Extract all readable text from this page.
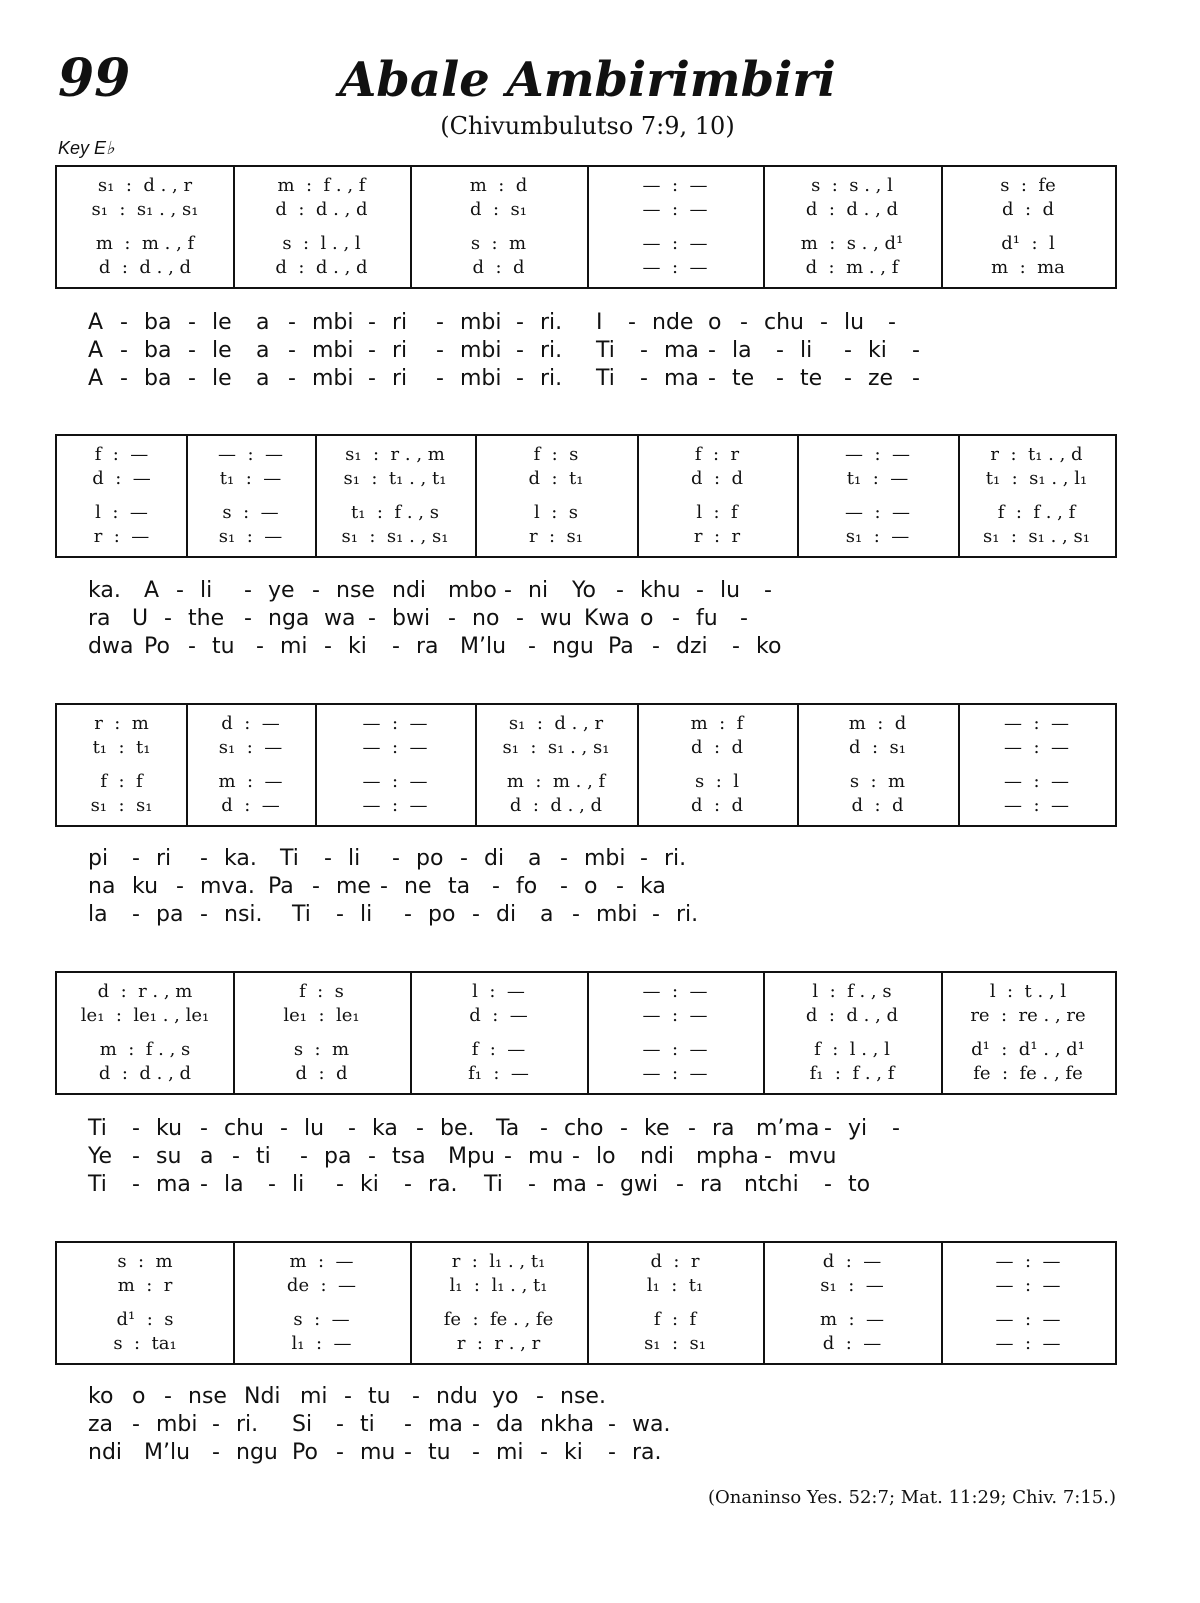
99	Abale Ambirimbiri
(Chivumbulutso 7:9, 10)
Key E♭
s₁  :  d . , r
s₁  :  s₁ . , s₁
m  :  m . , f
d  :  d . , d
m  :  f . , f
d  :  d . , d
s  :  l . , l
d  :  d . , d
m  :  d
d  :  s₁
s  :  m
d  :  d
—  :  —
—  :  —
—  :  —
—  :  —
s  :  s . , l
d  :  d . , d
m  :  s . , d¹
d  :  m . , f
s  :  fe
d  :  d
d¹  :  l
m  :  ma
A - ba - le a - mbi - ri - mbi - ri. I - nde o - chu - lu -
A - ba - le a - mbi - ri - mbi - ri. Ti - ma - la - li - ki -
A - ba - le a - mbi - ri - mbi - ri. Ti - ma - te - te - ze -
f  :  —
d  :  —
l  :  —
r  :  —
—  :  —
t₁  :  —
s  :  —
s₁  :  —
s₁  :  r . , m
s₁  :  t₁ . , t₁
t₁  :  f . , s
s₁  :  s₁ . , s₁
f  :  s
d  :  t₁
l  :  s
r  :  s₁
f  :  r
d  :  d
l  :  f
r  :  r
—  :  —
t₁  :  —
—  :  —
s₁  :  —
r  :  t₁ . , d
t₁  :  s₁ . , l₁
f  :  f . , f
s₁  :  s₁ . , s₁
ka. A - li - ye - nse ndi mbo - ni Yo - khu - lu -
ra U - the - nga wa - bwi - no - wu Kwa o - fu -
dwa Po - tu - mi - ki - ra M’lu - ngu Pa - dzi - ko
r  :  m
t₁  :  t₁
f  :  f
s₁  :  s₁
d  :  —
s₁  :  —
m  :  —
d  :  —
—  :  —
—  :  —
—  :  —
—  :  —
s₁  :  d . , r
s₁  :  s₁ . , s₁
m  :  m . , f
d  :  d . , d
m  :  f
d  :  d
s  :  l
d  :  d
m  :  d
d  :  s₁
s  :  m
d  :  d
—  :  —
—  :  —
—  :  —
—  :  —
pi - ri - ka. Ti - li - po - di a - mbi - ri.
na ku - mva. Pa - me - ne ta - fo - o - ka
la - pa - nsi. Ti - li - po - di a - mbi - ri.
d  :  r . , m
le₁  :  le₁ . , le₁
m  :  f . , s
d  :  d . , d
f  :  s
le₁  :  le₁
s  :  m
d  :  d
l  :  —
d  :  —
f  :  —
f₁  :  —
—  :  —
—  :  —
—  :  —
—  :  —
l  :  f . , s
d  :  d . , d
f  :  l . , l
f₁  :  f . , f
l  :  t . , l
re  :  re . , re
d¹  :  d¹ . , d¹
fe  :  fe . , fe
Ti - ku - chu - lu - ka - be. Ta - cho - ke - ra m’ma - yi -
Ye - su a - ti - pa - tsa Mpu - mu - lo ndi mpha - mvu
Ti - ma - la - li - ki - ra. Ti - ma - gwi - ra ntchi - to
s  :  m
m  :  r
d¹  :  s
s  :  ta₁
m  :  —
de  :  —
s  :  —
l₁  :  —
r  :  l₁ . , t₁
l₁  :  l₁ . , t₁
fe  :  fe . , fe
r  :  r . , r
d  :  r
l₁  :  t₁
f  :  f
s₁  :  s₁
d  :  —
s₁  :  —
m  :  —
d  :  —
—  :  —
—  :  —
—  :  —
—  :  —
ko o - nse Ndi mi - tu - ndu yo - nse.
za - mbi - ri. Si - ti - ma - da nkha - wa.
ndi M’lu - ngu Po - mu - tu - mi - ki - ra.
(Onaninso Yes. 52:7; Mat. 11:29; Chiv. 7:15.)
